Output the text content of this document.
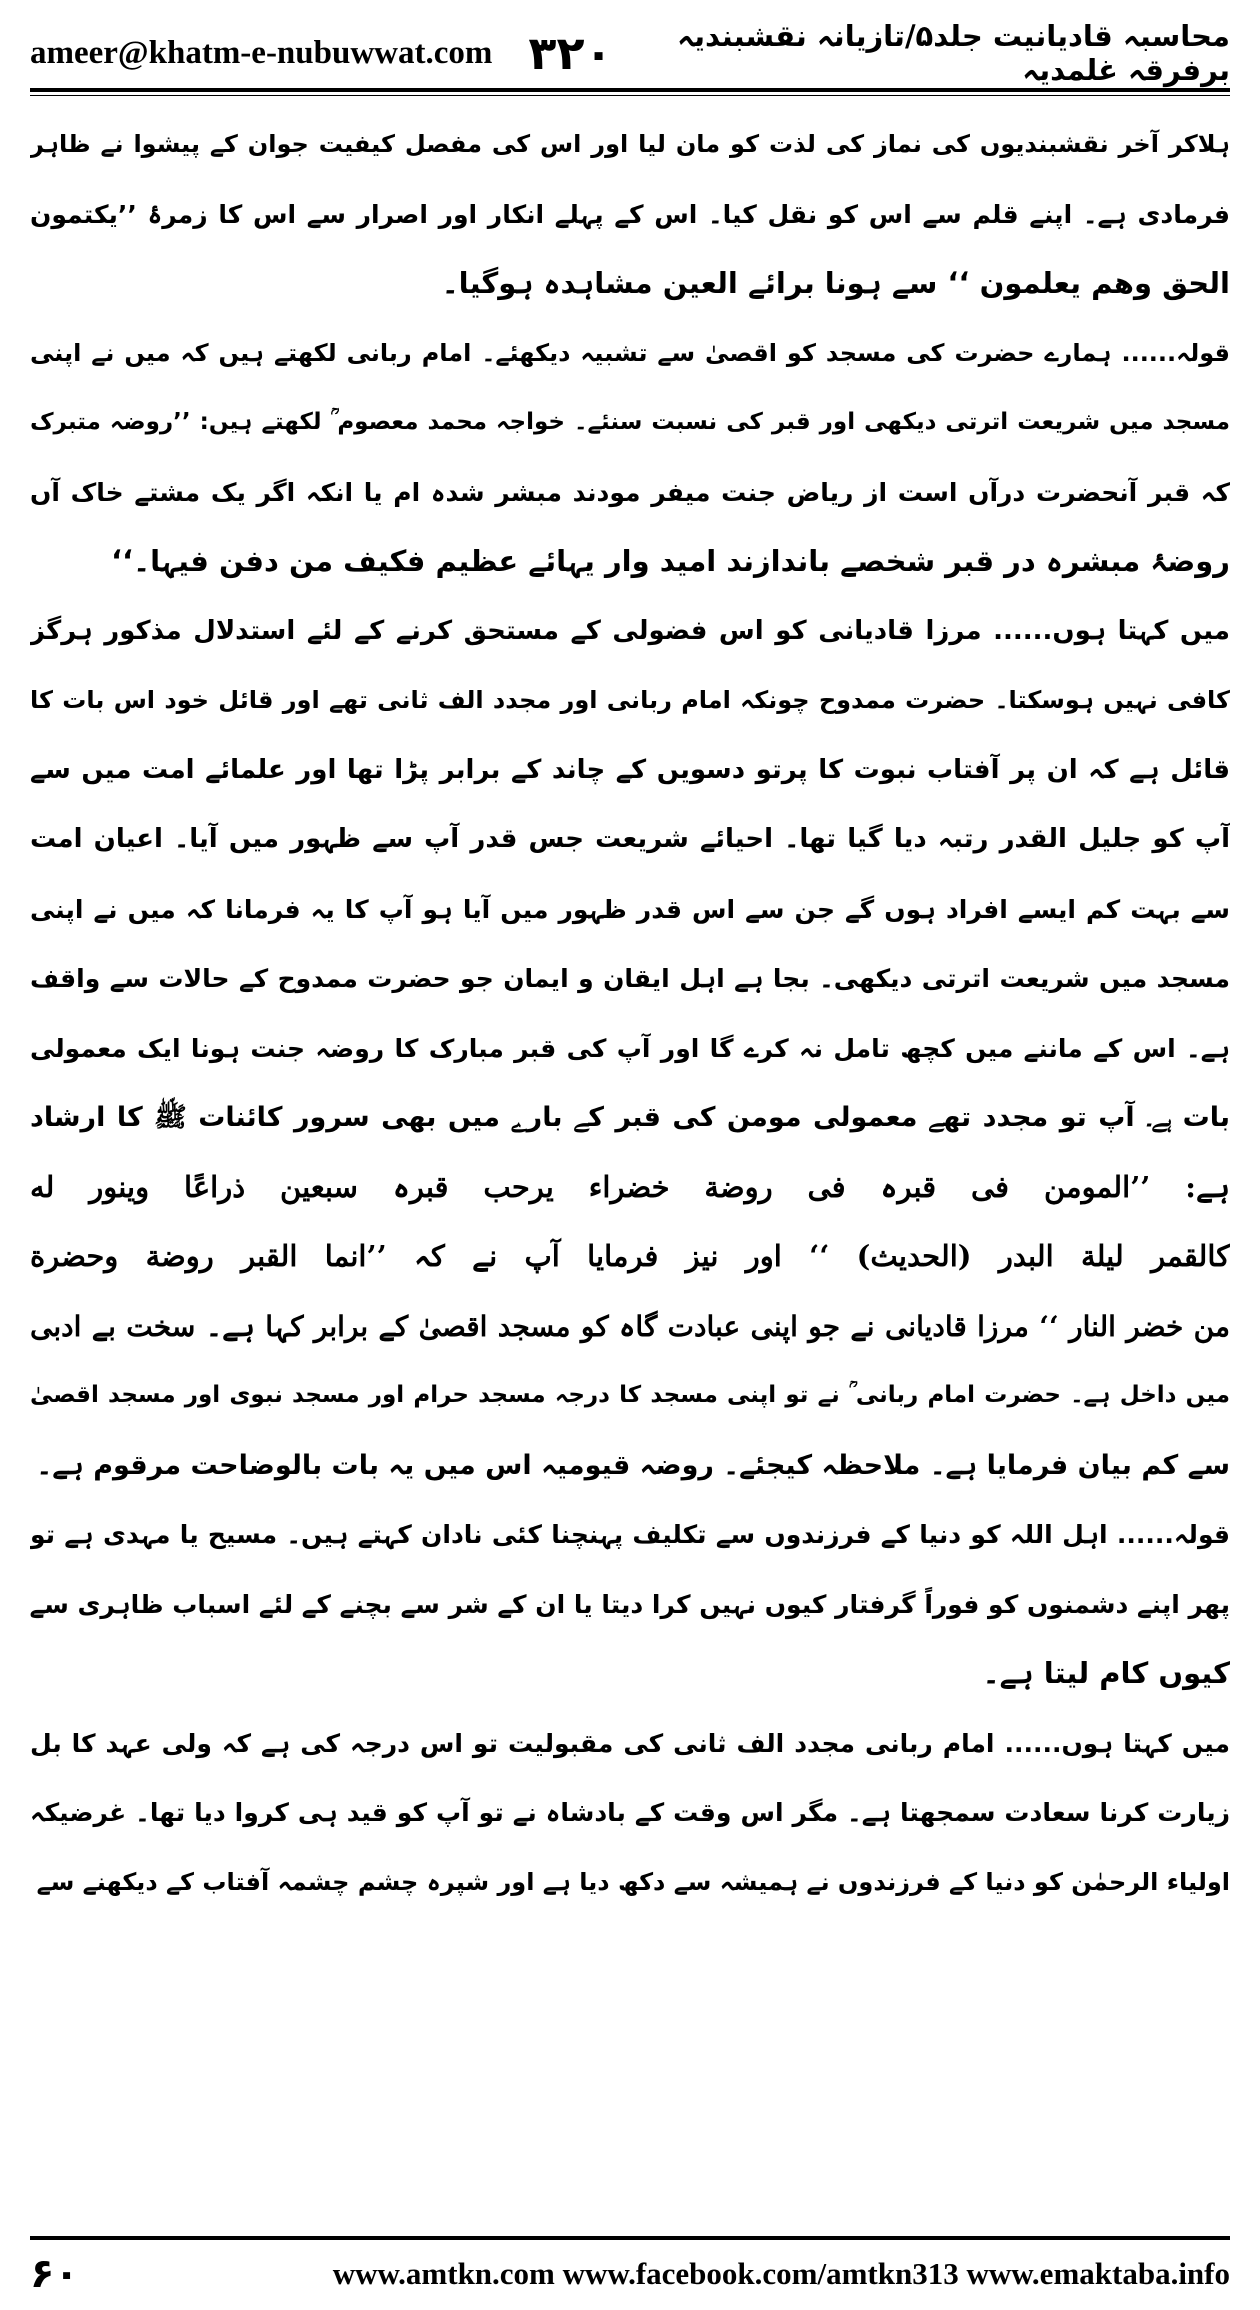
ameer@khatm-e-nubuwwat.com ۳۲۰	محاسبہ قادیانیت جلد۵/تازیانہ نقشبندیہ برفرقہ غلمدیہ
ہلاکر آخر نقشبندیوں کی نماز کی لذت کو مان لیا اور اس کی مفصل کیفیت جوان کے پیشوا نے ظاہر
فرمادی ہے۔ اپنے قلم سے اس کو نقل کیا۔ اس کے پہلے انکار اور اصرار سے اس کا زمرۂ ’’یکتمون
الحق وھم یعلمون ‘‘ سے ہونا برائے العین مشاہدہ ہوگیا۔
قولہ...... ہمارے حضرت کی مسجد کو اقصیٰ سے تشبیہ دیکھئے۔ امام ربانی لکھتے ہیں کہ میں نے اپنی
مسجد میں شریعت اترتی دیکھی اور قبر کی نسبت سنئے۔ خواجہ محمد معصوم ؒ لکھتے ہیں: ’’روضہ متبرک
کہ قبر آنحضرت درآں است از ریاض جنت میفر مودند مبشر شدہ ام یا انکہ اگر یک مشتے خاک آں
روضۂ مبشرہ در قبر شخصے باندازند امید وار یہائے عظیم فکیف من دفن فیہا۔‘‘
میں کہتا ہوں...... مرزا قادیانی کو اس فضولی کے مستحق کرنے کے لئے استدلال مذکور ہرگز
کافی نہیں ہوسکتا۔ حضرت ممدوح چونکہ امام ربانی اور مجدد الف ثانی تھے اور قائل خود اس بات کا
قائل ہے کہ ان پر آفتاب نبوت کا پرتو دسویں کے چاند کے برابر پڑا تھا اور علمائے امت میں سے
آپ کو جلیل القدر رتبہ دیا گیا تھا۔ احیائے شریعت جس قدر آپ سے ظہور میں آیا۔ اعیان امت
سے بہت کم ایسے افراد ہوں گے جن سے اس قدر ظہور میں آیا ہو آپ کا یہ فرمانا کہ میں نے اپنی
مسجد میں شریعت اترتی دیکھی۔ بجا ہے اہل ایقان و ایمان جو حضرت ممدوح کے حالات سے واقف
ہے۔ اس کے ماننے میں کچھ تامل نہ کرے گا اور آپ کی قبر مبارک کا روضہ جنت ہونا ایک معمولی
بات ہے۔ آپ تو مجدد تھے معمولی مومن کی قبر کے بارے میں بھی سرور کائنات ﷺ کا ارشاد
ہے: ’’المومن فی قبرہ فی روضة خضراء یرحب قبرہ سبعین ذراعًا وینور له
کالقمر لیلة البدر (الحدیث) ‘‘ اور نیز فرمایا آپ نے کہ ’’انما القبر روضة وحضرة
من خضر النار ‘‘ مرزا قادیانی نے جو اپنی عبادت گاہ کو مسجد اقصیٰ کے برابر کہا ہے۔ سخت بے ادبی
میں داخل ہے۔ حضرت امام ربانی ؒ نے تو اپنی مسجد کا درجہ مسجد حرام اور مسجد نبوی اور مسجد اقصیٰ
سے کم بیان فرمایا ہے۔ ملاحظہ کیجئے۔ روضہ قیومیہ اس میں یہ بات بالوضاحت مرقوم ہے۔
قولہ...... اہل اللہ کو دنیا کے فرزندوں سے تکلیف پہنچنا کئی نادان کہتے ہیں۔ مسیح یا مہدی ہے تو
پھر اپنے دشمنوں کو فوراً گرفتار کیوں نہیں کرا دیتا یا ان کے شر سے بچنے کے لئے اسباب ظاہری سے
کیوں کام لیتا ہے۔
میں کہتا ہوں...... امام ربانی مجدد الف ثانی کی مقبولیت تو اس درجہ کی ہے کہ ولی عہد کا بل
زیارت کرنا سعادت سمجھتا ہے۔ مگر اس وقت کے بادشاہ نے تو آپ کو قید ہی کروا دیا تھا۔ غرضیکہ
اولیاء الرحمٰن کو دنیا کے فرزندوں نے ہمیشہ سے دکھ دیا ہے اور شپرہ چشم چشمہ آفتاب کے دیکھنے سے
۶۰	www.amtkn.com www.facebook.com/amtkn313 www.emaktaba.info
